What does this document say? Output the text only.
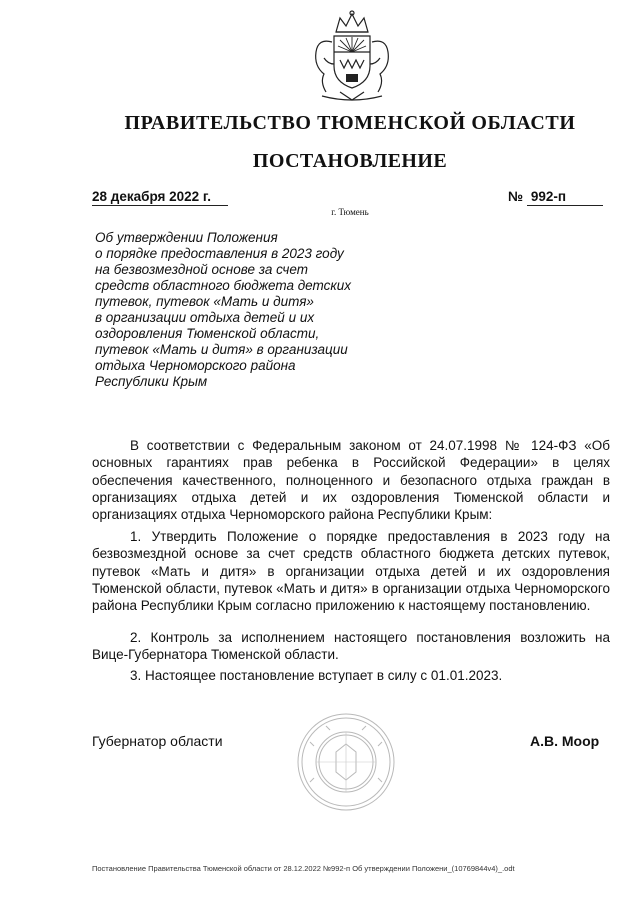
ПРАВИТЕЛЬСТВО ТЮМЕНСКОЙ ОБЛАСТИ
ПОСТАНОВЛЕНИЕ
28 декабря 2022 г.	№ 992-п
г. Тюмень
Об утверждении Положения
о порядке предоставления в 2023 году
на безвозмездной основе за счет
средств областного бюджета детских
путевок, путевок «Мать и дитя»
в организации отдыха детей и их
оздоровления Тюменской области,
путевок «Мать и дитя» в организации
отдыха Черноморского района
Республики Крым

В соответствии с Федеральным законом от 24.07.1998 № 124-ФЗ «Об основных гарантиях прав ребенка в Российской Федерации» в целях обеспечения качественного, полноценного и безопасного отдыха граждан в организациях отдыха детей и их оздоровления Тюменской области и организациях отдыха Черноморского района Республики Крым:

1. Утвердить Положение о порядке предоставления в 2023 году на безвозмездной основе за счет средств областного бюджета детских путевок, путевок «Мать и дитя» в организации отдыха детей и их оздоровления Тюменской области, путевок «Мать и дитя» в организации отдыха Черноморского района Республики Крым согласно приложению к настоящему постановлению.

2. Контроль за исполнением настоящего постановления возложить на Вице-Губернатора Тюменской области.

3. Настоящее постановление вступает в силу с 01.01.2023.

Губернатор области	А.В. Моор
Постановление Правительства Тюменской области от 28.12.2022 №992-п Об утверждении Положени_(10769844v4)_.odt
